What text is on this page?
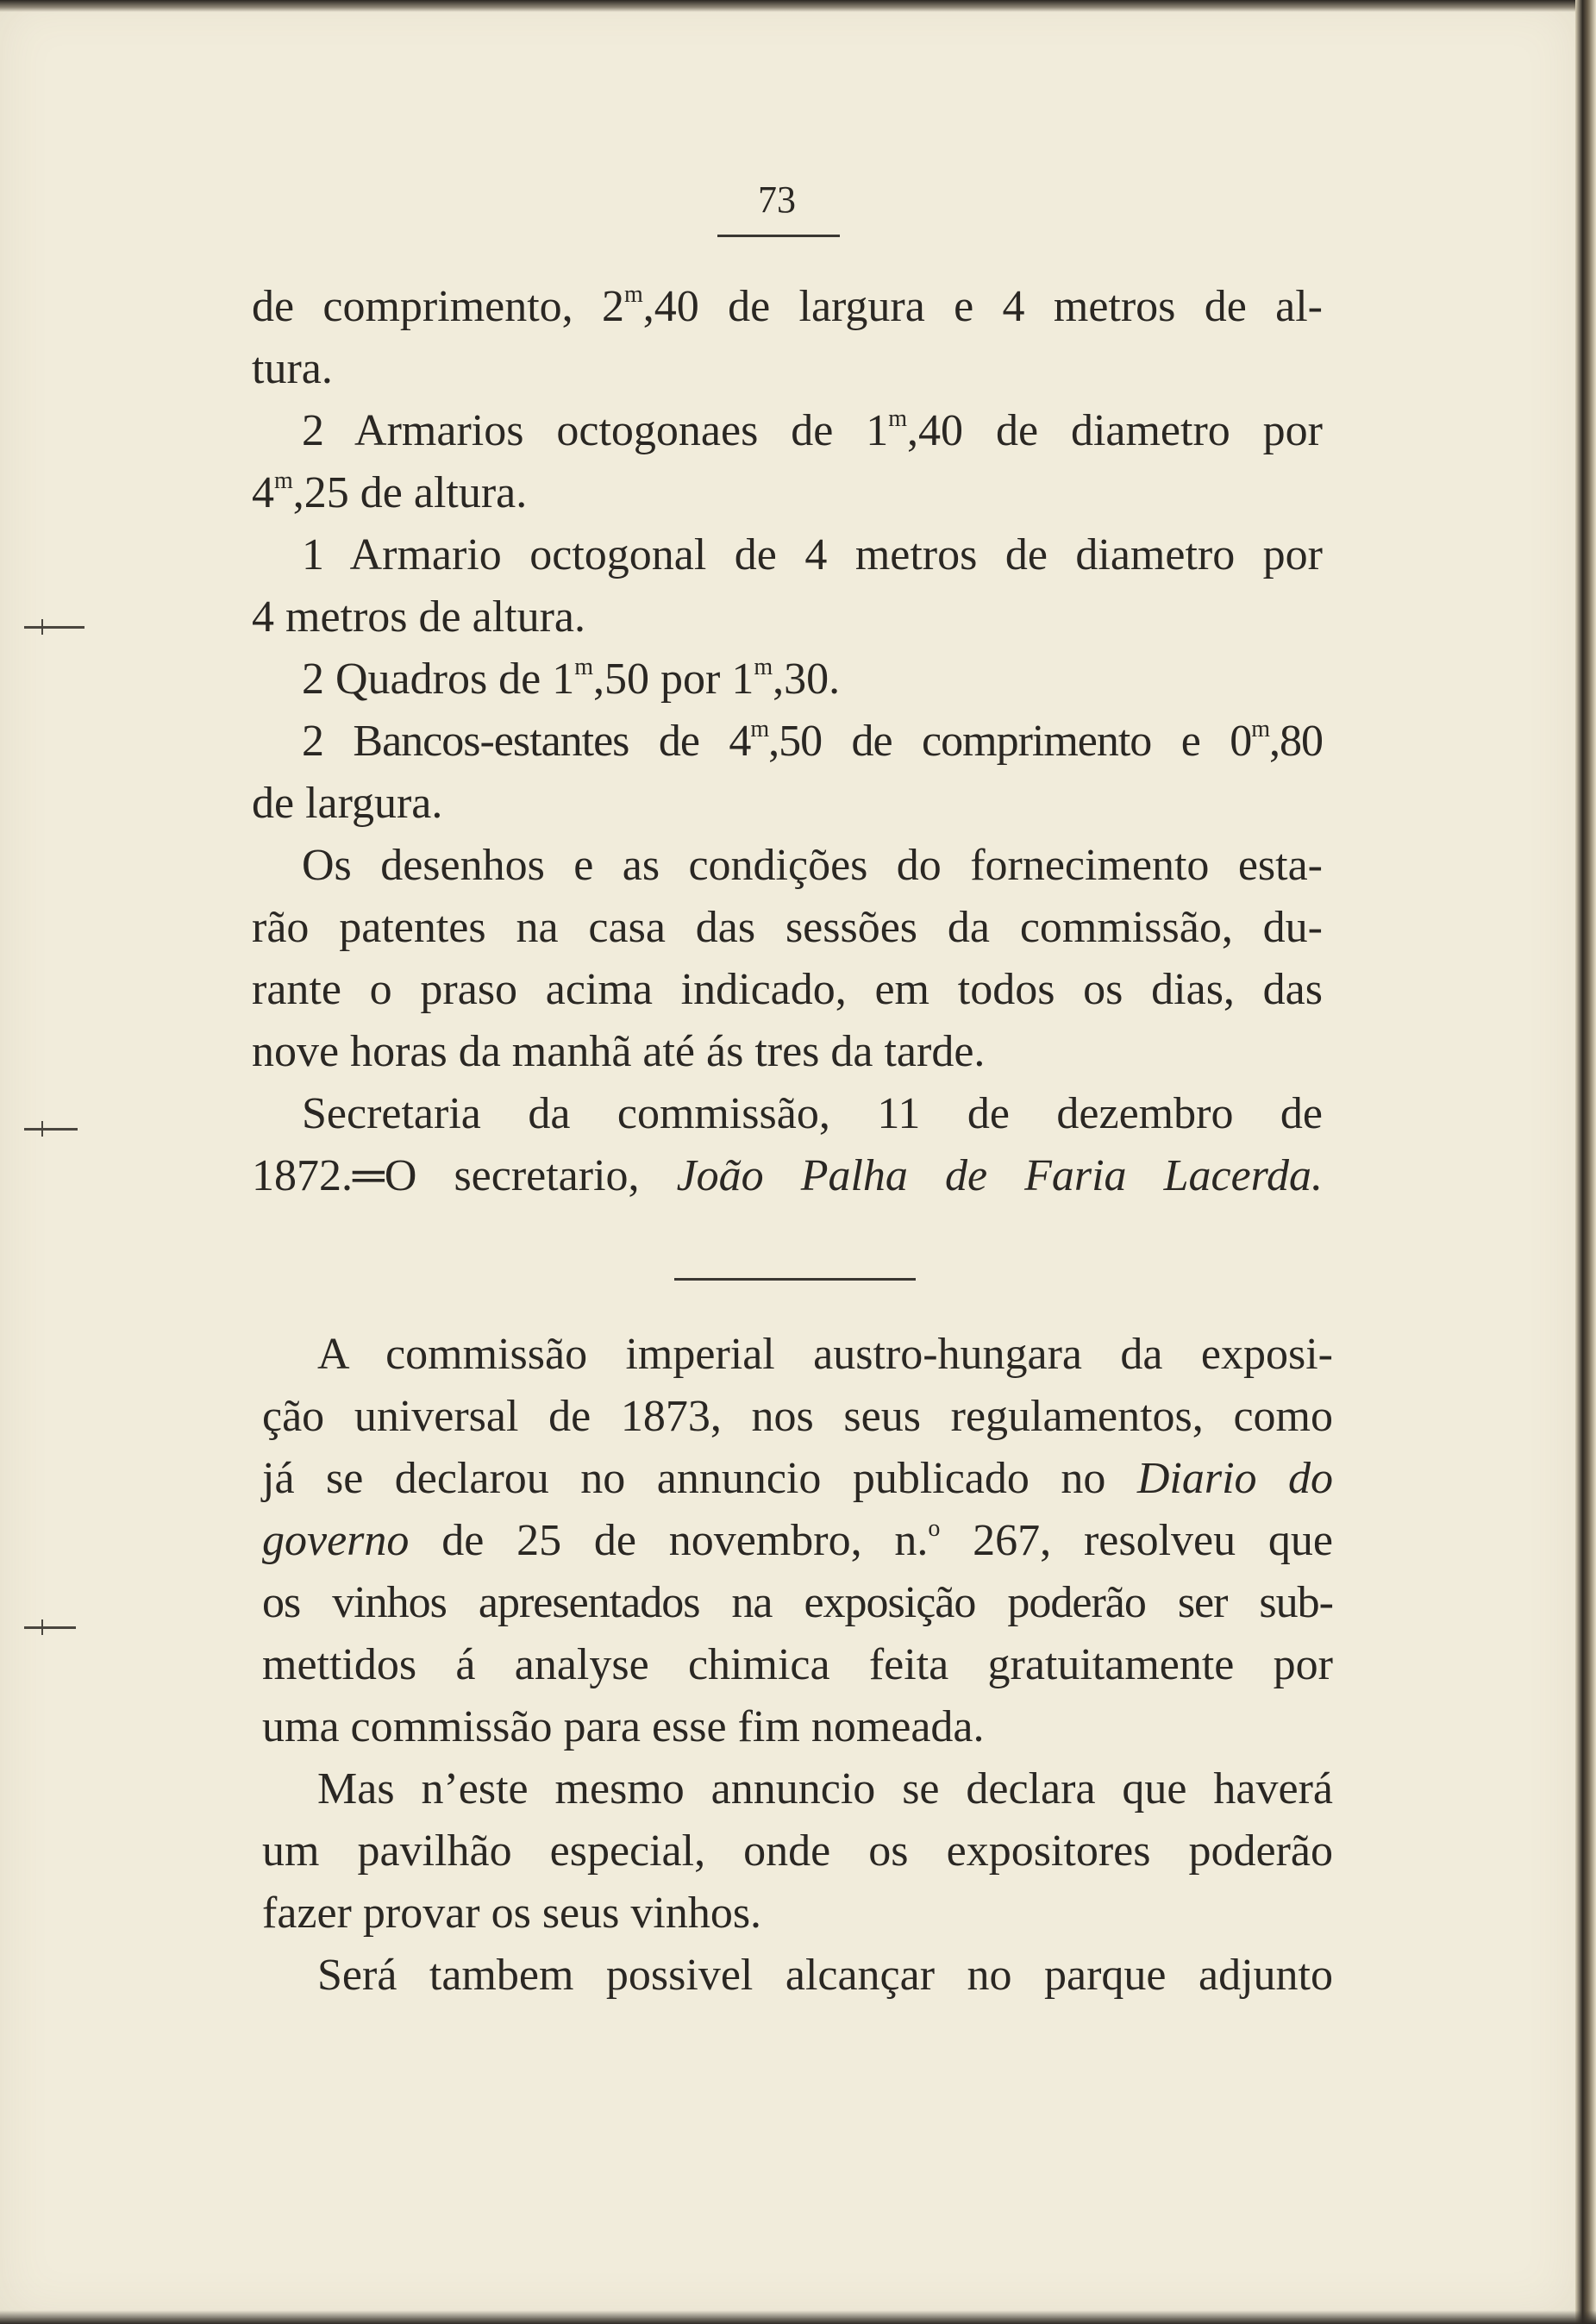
73
de comprimento, 2$^m$,40 de largura e 4 metros de al-
tura.
2 Armarios octogonaes de 1$^m$,40 de diametro por
4$^m$,25 de altura.
1 Armario octogonal de 4 metros de diametro por
4 metros de altura.
2 Quadros de 1$^m$,50 por 1$^m$,30.
2 Bancos-estantes de 4$^m$,50 de comprimento e 0$^m$,80
de largura.
Os desenhos e as condições do fornecimento esta-
rão patentes na casa das sessões da commissão, du-
rante o praso acima indicado, em todos os dias, das
nove horas da manhã até ás tres da tarde.
Secretaria da commissão, 11 de dezembro de
1872.═O secretario, João Palha de Faria Lacerda.
A commissão imperial austro-hungara da exposi-
ção universal de 1873, nos seus regulamentos, como
já se declarou no annuncio publicado no Diario do
governo de 25 de novembro, n.$^o$ 267, resolveu que
os vinhos apresentados na exposição poderão ser sub-
mettidos á analyse chimica feita gratuitamente por
uma commissão para esse fim nomeada.
Mas n’este mesmo annuncio se declara que haverá
um pavilhão especial, onde os expositores poderão
fazer provar os seus vinhos.
Será tambem possivel alcançar no parque adjunto
